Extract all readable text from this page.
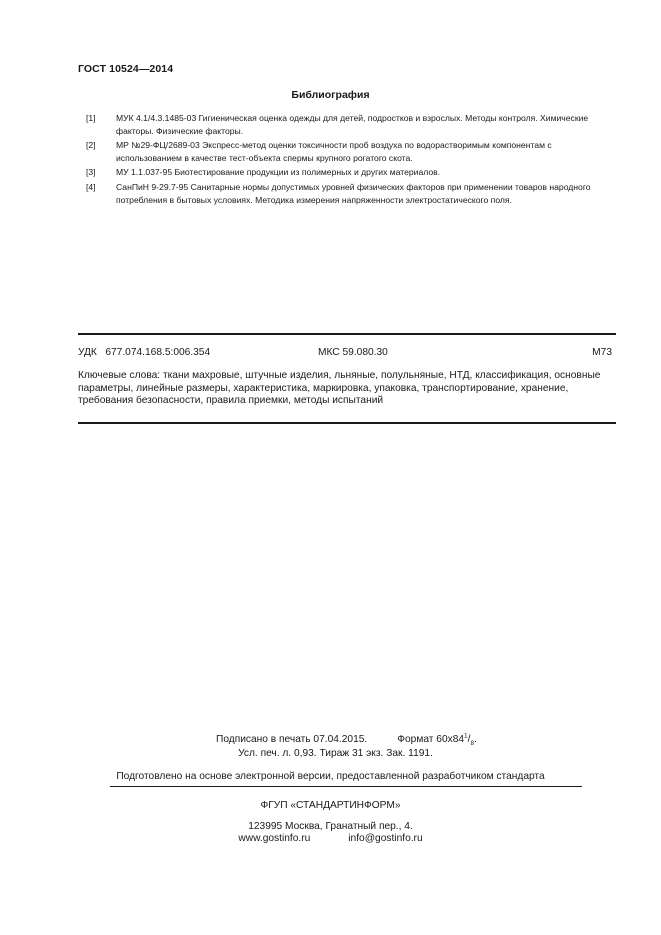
ГОСТ 10524—2014
Библиография
[1] МУК 4.1/4.3.1485-03 Гигиеническая оценка одежды для детей, подростков и взрослых. Методы контроля. Химические факторы. Физические факторы.
[2] МР №29-ФЦ/2689-03 Экспресс-метод оценки токсичности проб воздуха по водорастворимым компонентам с использованием в качестве тест-объекта спермы крупного рогатого скота.
[3] МУ 1.1.037-95 Биотестирование продукции из полимерных и других материалов.
[4] СанПиН 9-29.7-95 Санитарные нормы допустимых уровней физических факторов при применении товаров народного потребления в бытовых условиях. Методика измерения напряженности электростатического поля.
УДК   677.074.168.5:006.354	МКС 59.080.30	М73
Ключевые слова: ткани махровые, штучные изделия, льняные, полульняные, НТД, классификация, основные параметры, линейные размеры, характеристика, маркировка, упаковка, транспортирование, хранение, требования безопасности, правила приемки, методы испытаний
Подписано в печать 07.04.2015.	Формат $60x84^1/_8$.
Усл. печ. л. 0,93. Тираж 31 экз. Зак. 1191.
Подготовлено на основе электронной версии, предоставленной разработчиком стандарта
ФГУП «СТАНДАРТИНФОРМ»
123995 Москва, Гранатный пер., 4.
www.gostinfo.ru	info@gostinfo.ru
